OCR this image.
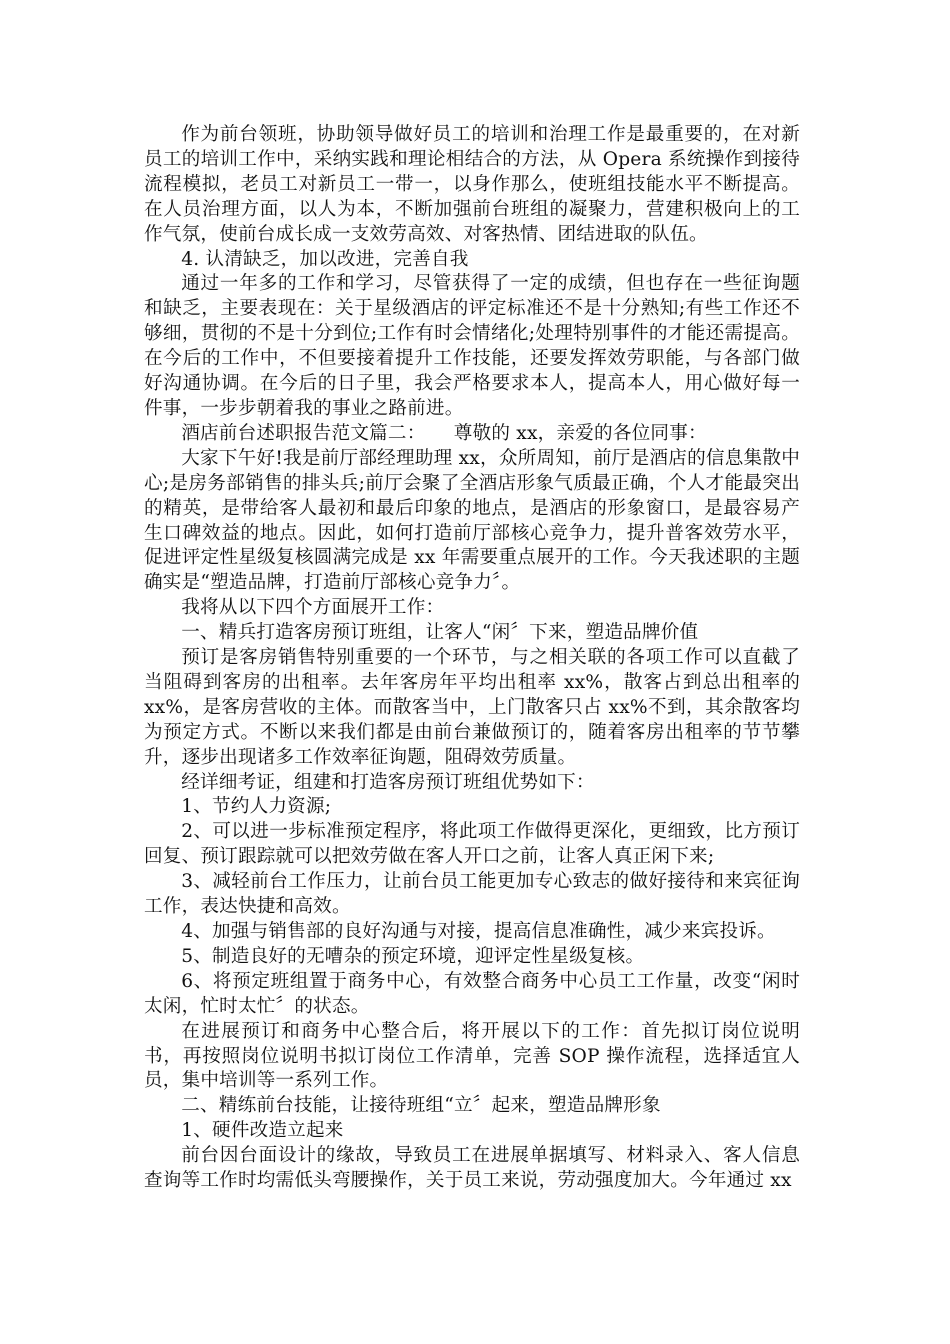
作为前台领班，协助领导做好员工的培训和治理工作是最重要的，在对新员工的培训工作中，采纳实践和理论相结合的方法，从 Opera 系统操作到接待流程模拟，老员工对新员工一带一，以身作那么，使班组技能水平不断提高。在人员治理方面，以人为本，不断加强前台班组的凝聚力，营建积极向上的工作气氛，使前台成长成一支效劳高效、对客热情、团结进取的队伍。

4. 认清缺乏，加以改进，完善自我

通过一年多的工作和学习，尽管获得了一定的成绩，但也存在一些征询题和缺乏，主要表现在：关于星级酒店的评定标准还不是十分熟知;有些工作还不够细，贯彻的不是十分到位;工作有时会情绪化;处理特别事件的才能还需提高。在今后的工作中，不但要接着提升工作技能，还要发挥效劳职能，与各部门做好沟通协调。在今后的日子里，我会严格要求本人，提高本人，用心做好每一件事，一步步朝着我的事业之路前进。

酒店前台述职报告范文篇二：　　尊敬的 xx，亲爱的各位同事：

大家下午好!我是前厅部经理助理 xx，众所周知，前厅是酒店的信息集散中心;是房务部销售的排头兵;前厅会聚了全酒店形象气质最正确，个人才能最突出的精英，是带给客人最初和最后印象的地点，是酒店的形象窗口，是最容易产生口碑效益的地点。因此，如何打造前厅部核心竞争力，提升普客效劳水平，促进评定性星级复核圆满完成是 xx 年需要重点展开的工作。今天我述职的主题确实是“塑造品牌，打造前厅部核心竞争力〞。

我将从以下四个方面展开工作：

一、精兵打造客房预订班组，让客人“闲〞下来，塑造品牌价值

预订是客房销售特别重要的一个环节，与之相关联的各项工作可以直截了当阻碍到客房的出租率。去年客房年平均出租率 xx%，散客占到总出租率的 xx%，是客房营收的主体。而散客当中，上门散客只占 xx%不到，其余散客均为预定方式。不断以来我们都是由前台兼做预订的，随着客房出租率的节节攀升，逐步出现诸多工作效率征询题，阻碍效劳质量。

经详细考证，组建和打造客房预订班组优势如下：

1、节约人力资源;

2、可以进一步标准预定程序，将此项工作做得更深化，更细致，比方预订回复、预订跟踪就可以把效劳做在客人开口之前，让客人真正闲下来;

3、减轻前台工作压力，让前台员工能更加专心致志的做好接待和来宾征询工作，表达快捷和高效。

4、加强与销售部的良好沟通与对接，提高信息准确性，减少来宾投诉。

5、制造良好的无嘈杂的预定环境，迎评定性星级复核。

6、将预定班组置于商务中心，有效整合商务中心员工工作量，改变“闲时太闲，忙时太忙〞的状态。

在进展预订和商务中心整合后，将开展以下的工作：首先拟订岗位说明书，再按照岗位说明书拟订岗位工作清单，完善 SOP 操作流程，选择适宜人员，集中培训等一系列工作。

二、精练前台技能，让接待班组“立〞起来，塑造品牌形象

1、硬件改造立起来

前台因台面设计的缘故，导致员工在进展单据填写、材料录入、客人信息查询等工作时均需低头弯腰操作，关于员工来说，劳动强度加大。今年通过 xx
